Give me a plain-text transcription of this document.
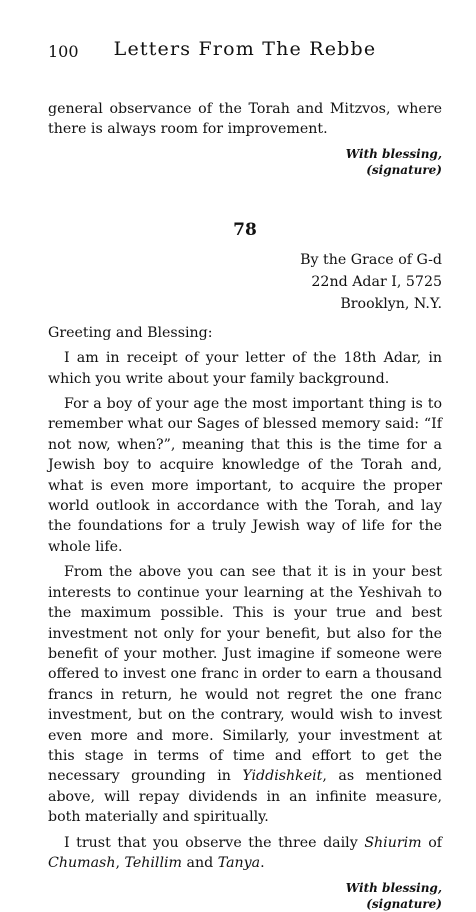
100	Letters From The Rebbe

general observance of the Torah and Mitzvos, where there is always room for improvement.

With blessing,
(signature)
78
By the Grace of G-d
22nd Adar I, 5725
Brooklyn, N.Y.

Greeting and Blessing:

I am in receipt of your letter of the 18th Adar, in which you write about your family background.

For a boy of your age the most important thing is to remember what our Sages of blessed memory said: “If not now, when?”, meaning that this is the time for a Jewish boy to acquire knowledge of the Torah and, what is even more important, to acquire the proper world outlook in accordance with the Torah, and lay the foundations for a truly Jewish way of life for the whole life.

From the above you can see that it is in your best interests to continue your learning at the Yeshivah to the maximum possible. This is your true and best investment not only for your benefit, but also for the benefit of your mother. Just imagine if someone were offered to invest one franc in order to earn a thousand francs in return, he would not regret the one franc investment, but on the contrary, would wish to invest even more and more. Similarly, your investment at this stage in terms of time and effort to get the necessary grounding in Yiddishkeit, as mentioned above, will repay dividends in an infinite measure, both materially and spiritually.

I trust that you observe the three daily Shiurim of Chumash, Tehillim and Tanya.

With blessing,
(signature)
